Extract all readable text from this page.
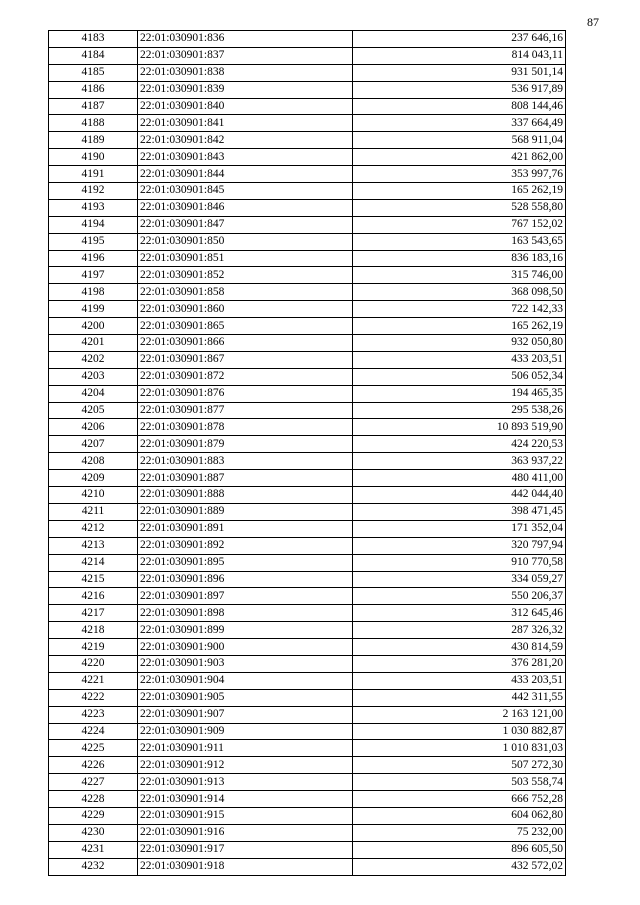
87
4183	22:01:030901:836	237 646,16
4184	22:01:030901:837	814 043,11
4185	22:01:030901:838	931 501,14
4186	22:01:030901:839	536 917,89
4187	22:01:030901:840	808 144,46
4188	22:01:030901:841	337 664,49
4189	22:01:030901:842	568 911,04
4190	22:01:030901:843	421 862,00
4191	22:01:030901:844	353 997,76
4192	22:01:030901:845	165 262,19
4193	22:01:030901:846	528 558,80
4194	22:01:030901:847	767 152,02
4195	22:01:030901:850	163 543,65
4196	22:01:030901:851	836 183,16
4197	22:01:030901:852	315 746,00
4198	22:01:030901:858	368 098,50
4199	22:01:030901:860	722 142,33
4200	22:01:030901:865	165 262,19
4201	22:01:030901:866	932 050,80
4202	22:01:030901:867	433 203,51
4203	22:01:030901:872	506 052,34
4204	22:01:030901:876	194 465,35
4205	22:01:030901:877	295 538,26
4206	22:01:030901:878	10 893 519,90
4207	22:01:030901:879	424 220,53
4208	22:01:030901:883	363 937,22
4209	22:01:030901:887	480 411,00
4210	22:01:030901:888	442 044,40
4211	22:01:030901:889	398 471,45
4212	22:01:030901:891	171 352,04
4213	22:01:030901:892	320 797,94
4214	22:01:030901:895	910 770,58
4215	22:01:030901:896	334 059,27
4216	22:01:030901:897	550 206,37
4217	22:01:030901:898	312 645,46
4218	22:01:030901:899	287 326,32
4219	22:01:030901:900	430 814,59
4220	22:01:030901:903	376 281,20
4221	22:01:030901:904	433 203,51
4222	22:01:030901:905	442 311,55
4223	22:01:030901:907	2 163 121,00
4224	22:01:030901:909	1 030 882,87
4225	22:01:030901:911	1 010 831,03
4226	22:01:030901:912	507 272,30
4227	22:01:030901:913	503 558,74
4228	22:01:030901:914	666 752,28
4229	22:01:030901:915	604 062,80
4230	22:01:030901:916	75 232,00
4231	22:01:030901:917	896 605,50
4232	22:01:030901:918	432 572,02
